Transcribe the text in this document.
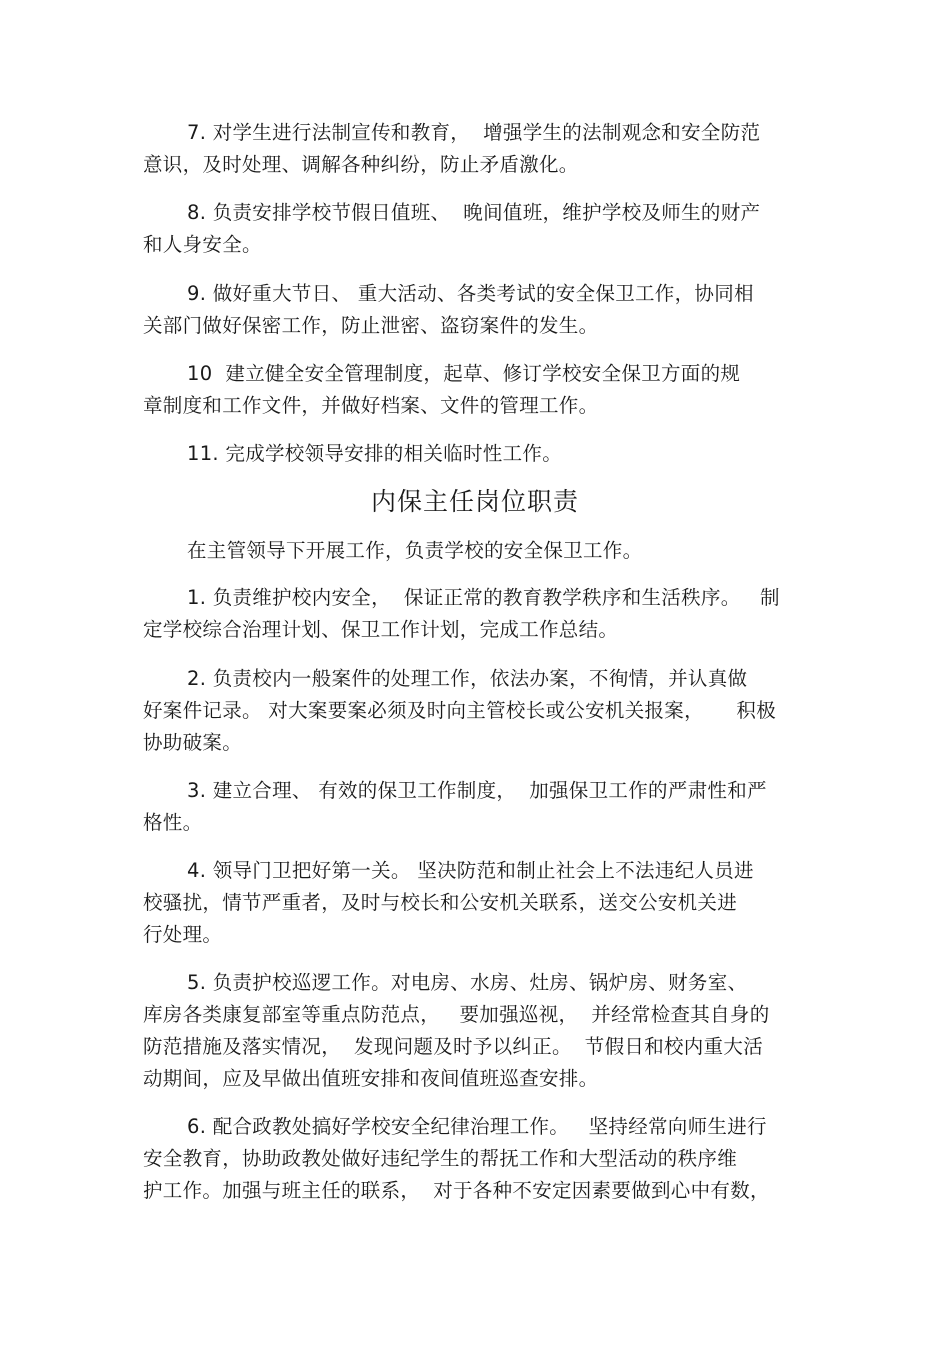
7. 对学生进行法制宣传和教育，  增强学生的法制观念和安全防范
意识，及时处理、调解各种纠纷，防止矛盾激化。
8. 负责安排学校节假日值班、  晚间值班，维护学校及师生的财产
和人身安全。
9. 做好重大节日、 重大活动、各类考试的安全保卫工作，协同相
关部门做好保密工作，防止泄密、盗窃案件的发生。
10  建立健全安全管理制度，起草、修订学校安全保卫方面的规
章制度和工作文件，并做好档案、文件的管理工作。
11. 完成学校领导安排的相关临时性工作。
内保主任岗位职责
在主管领导下开展工作，负责学校的安全保卫工作。
1. 负责维护校内安全，  保证正常的教育教学秩序和生活秩序。   制
定学校综合治理计划、保卫工作计划，完成工作总结。
2. 负责校内一般案件的处理工作，依法办案，不徇情，并认真做
好案件记录。 对大案要案必须及时向主管校长或公安机关报案，     积极
协助破案。
3. 建立合理、 有效的保卫工作制度，  加强保卫工作的严肃性和严
格性。
4. 领导门卫把好第一关。 坚决防范和制止社会上不法违纪人员进
校骚扰，情节严重者，及时与校长和公安机关联系，送交公安机关进
行处理。
5. 负责护校巡逻工作。对电房、水房、灶房、锅炉房、财务室、
库房各类康复部室等重点防范点，   要加强巡视，  并经常检查其自身的
防范措施及落实情况，  发现问题及时予以纠正。  节假日和校内重大活
动期间，应及早做出值班安排和夜间值班巡查安排。
6. 配合政教处搞好学校安全纪律治理工作。   坚持经常向师生进行
安全教育，协助政教处做好违纪学生的帮抚工作和大型活动的秩序维
护工作。加强与班主任的联系，  对于各种不安定因素要做到心中有数，
